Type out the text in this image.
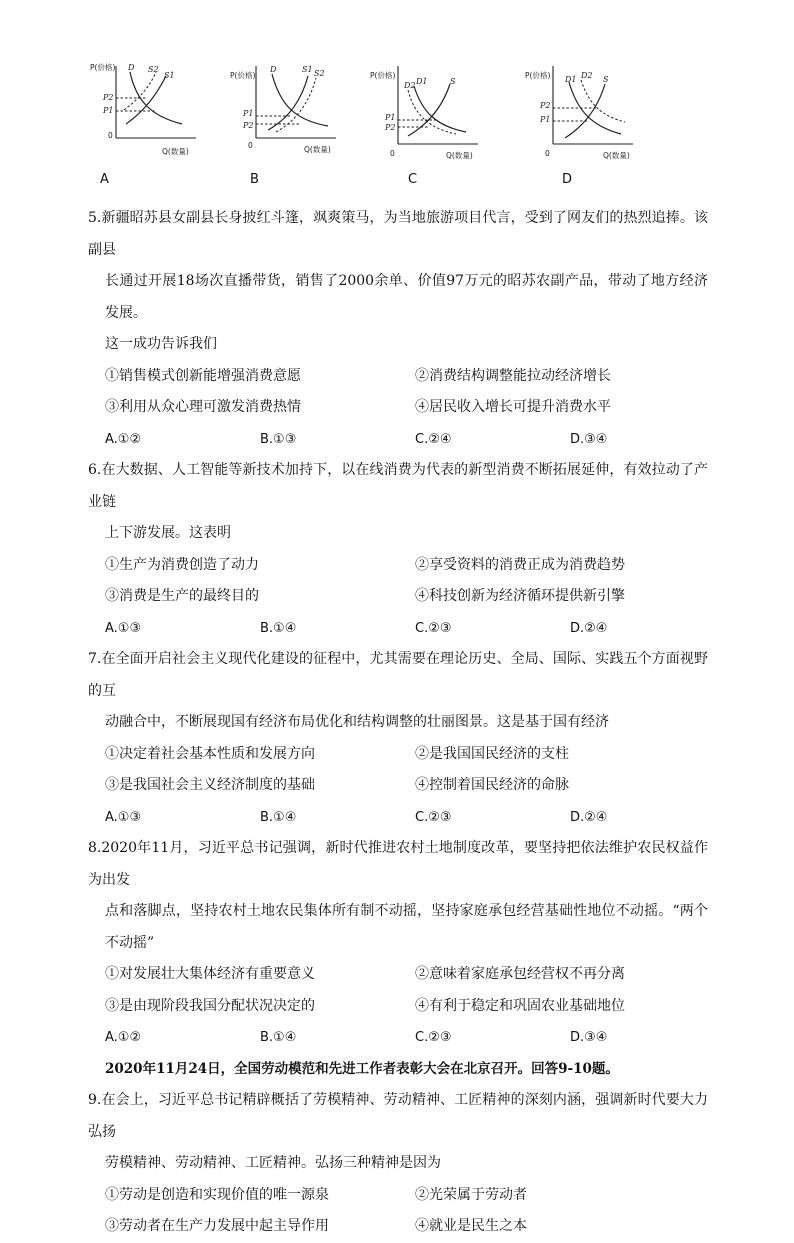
P(价格)
Q(数量)
0
D S2
S1
P2
P1
A
P(价格)
Q(数量)
0
D	S1 S2
P1
P2
B
P(价格)
Q(数量)
0
D2 D1	S
P1
P2
C
P(价格)
Q(数量)
0
D1 D2 S
P2
P1
D
5.新疆昭苏县女副县长身披红斗篷，飒爽策马，为当地旅游项目代言，受到了网友们的热烈追捧。该副县
长通过开展18场次直播带货，销售了2000余单、价值97万元的昭苏农副产品，带动了地方经济发展。
这一成功告诉我们
①销售模式创新能增强消费意愿	②消费结构调整能拉动经济增长
③利用从众心理可激发消费热情	④居民收入增长可提升消费水平
A.①②	B.①③	C.②④	D.③④
6.在大数据、人工智能等新技术加持下，以在线消费为代表的新型消费不断拓展延伸，有效拉动了产业链
上下游发展。这表明
①生产为消费创造了动力	②享受资料的消费正成为消费趋势
③消费是生产的最终目的	④科技创新为经济循环提供新引擎
A.①③	B.①④	C.②③	D.②④
7.在全面开启社会主义现代化建设的征程中，尤其需要在理论历史、全局、国际、实践五个方面视野的互
动融合中，不断展现国有经济布局优化和结构调整的壮丽图景。这是基于国有经济
①决定着社会基本性质和发展方向	②是我国国民经济的支柱
③是我国社会主义经济制度的基础	④控制着国民经济的命脉
A.①③	B.①④	C.②③	D.②④
8.2020年11月，习近平总书记强调，新时代推进农村土地制度改革，要坚持把依法维护农民权益作为出发
点和落脚点，坚持农村土地农民集体所有制不动摇，坚持家庭承包经营基础性地位不动摇。“两个不动摇”
①对发展壮大集体经济有重要意义	②意味着家庭承包经营权不再分离
③是由现阶段我国分配状况决定的	④有利于稳定和巩固农业基础地位
A.①②	B.①④	C.②③	D.③④
2020年11月24日，全国劳动模范和先进工作者表彰大会在北京召开。回答9-10题。
9.在会上，习近平总书记精辟概括了劳模精神、劳动精神、工匠精神的深刻内涵，强调新时代要大力弘扬
劳模精神、劳动精神、工匠精神。弘扬三种精神是因为
①劳动是创造和实现价值的唯一源泉	②光荣属于劳动者
③劳动者在生产力发展中起主导作用	④就业是民生之本
